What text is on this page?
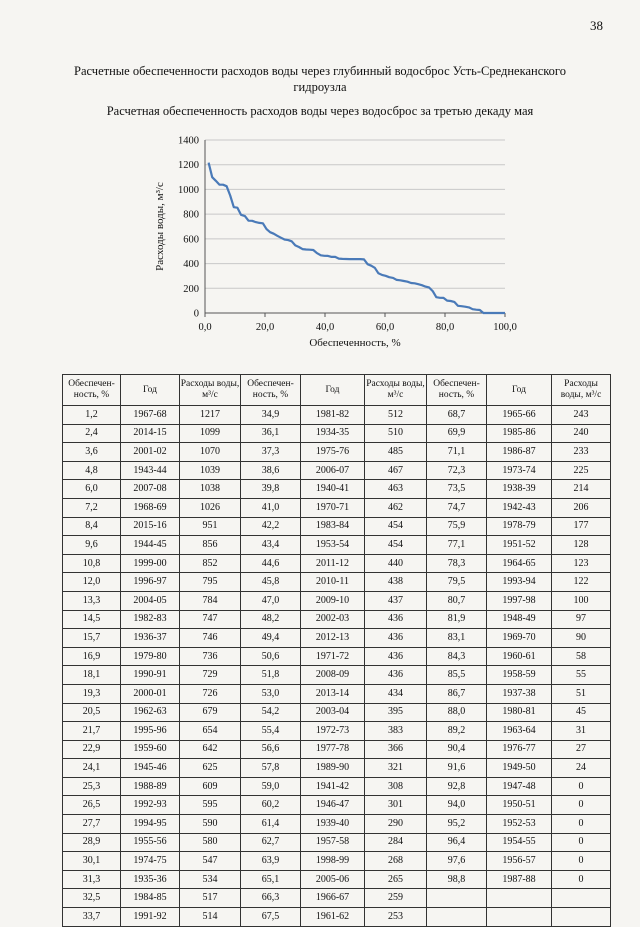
38
Расчетные обеспеченности расходов воды через глубинный водосброс Усть-Среднеканского гидроузла
Расчетная обеспеченность расходов воды через водосброс за третью декаду мая
0
200
400
600
800
1000
1200
1400
0,0	20,0	40,0	60,0	80,0	100,0
Обеспеченность, %
Расходы воды, м³/с
Обеспечен-ность, %	Год	Расходы воды, м³/с	Обеспечен-ность, %	Год	Расходы воды, м³/с	Обеспечен-ность, %	Год	Расходы воды, м³/с
1,2	1967-68	1217	34,9	1981-82	512	68,7	1965-66	243
2,4	2014-15	1099	36,1	1934-35	510	69,9	1985-86	240
3,6	2001-02	1070	37,3	1975-76	485	71,1	1986-87	233
4,8	1943-44	1039	38,6	2006-07	467	72,3	1973-74	225
6,0	2007-08	1038	39,8	1940-41	463	73,5	1938-39	214
7,2	1968-69	1026	41,0	1970-71	462	74,7	1942-43	206
8,4	2015-16	951	42,2	1983-84	454	75,9	1978-79	177
9,6	1944-45	856	43,4	1953-54	454	77,1	1951-52	128
10,8	1999-00	852	44,6	2011-12	440	78,3	1964-65	123
12,0	1996-97	795	45,8	2010-11	438	79,5	1993-94	122
13,3	2004-05	784	47,0	2009-10	437	80,7	1997-98	100
14,5	1982-83	747	48,2	2002-03	436	81,9	1948-49	97
15,7	1936-37	746	49,4	2012-13	436	83,1	1969-70	90
16,9	1979-80	736	50,6	1971-72	436	84,3	1960-61	58
18,1	1990-91	729	51,8	2008-09	436	85,5	1958-59	55
19,3	2000-01	726	53,0	2013-14	434	86,7	1937-38	51
20,5	1962-63	679	54,2	2003-04	395	88,0	1980-81	45
21,7	1995-96	654	55,4	1972-73	383	89,2	1963-64	31
22,9	1959-60	642	56,6	1977-78	366	90,4	1976-77	27
24,1	1945-46	625	57,8	1989-90	321	91,6	1949-50	24
25,3	1988-89	609	59,0	1941-42	308	92,8	1947-48	0
26,5	1992-93	595	60,2	1946-47	301	94,0	1950-51	0
27,7	1994-95	590	61,4	1939-40	290	95,2	1952-53	0
28,9	1955-56	580	62,7	1957-58	284	96,4	1954-55	0
30,1	1974-75	547	63,9	1998-99	268	97,6	1956-57	0
31,3	1935-36	534	65,1	2005-06	265	98,8	1987-88	0
32,5	1984-85	517	66,3	1966-67	259			
33,7	1991-92	514	67,5	1961-62	253			
